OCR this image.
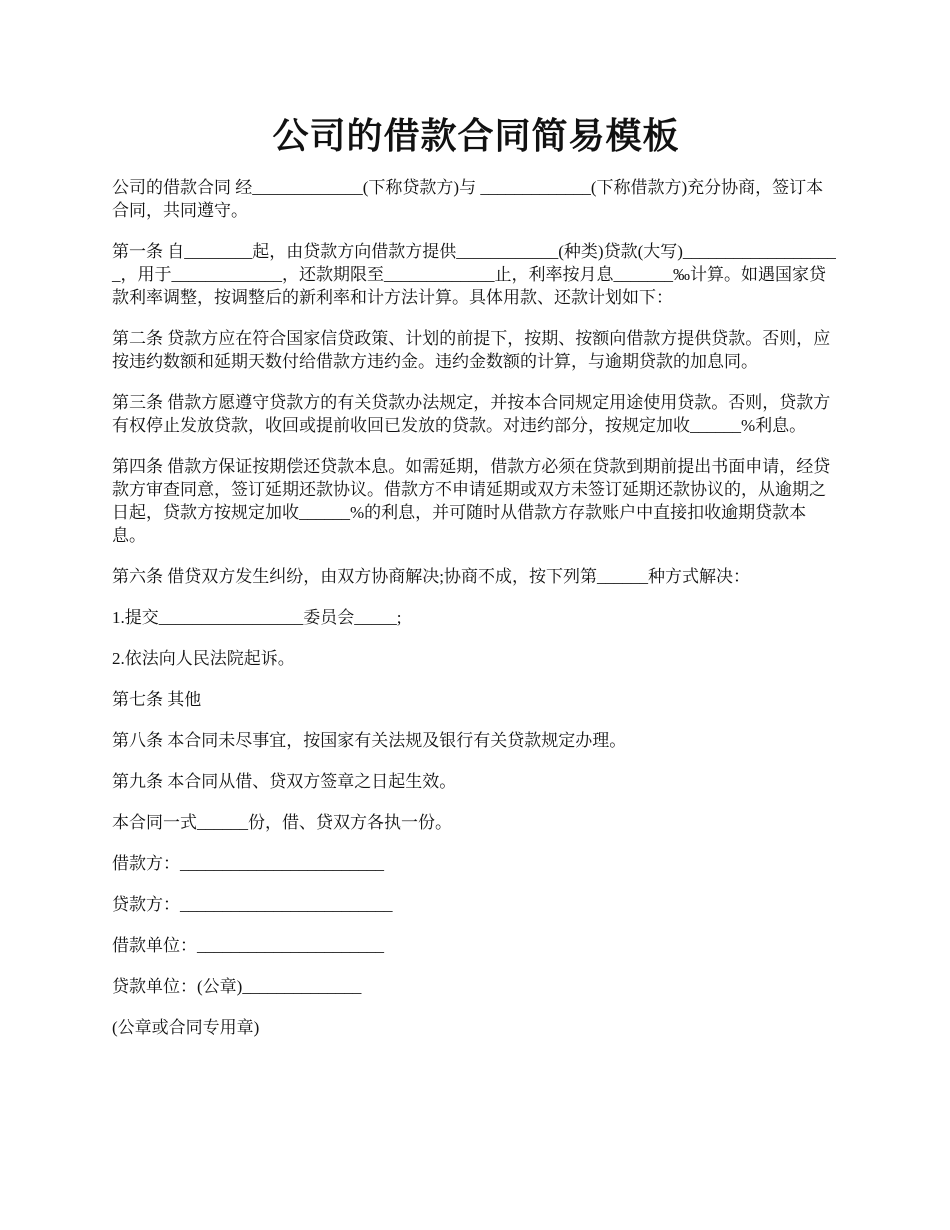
公司的借款合同简易模板

公司的借款合同 经_____________(下称贷款方)与 _____________(下称借款方)充分协商，签订本合同，共同遵守。

第一条 自________起，由贷款方向借款方提供____________(种类)贷款(大写)___________________，用于_____________，还款期限至_____________止，利率按月息_______‰计算。如遇国家贷款利率调整，按调整后的新利率和计方法计算。具体用款、还款计划如下：

第二条 贷款方应在符合国家信贷政策、计划的前提下，按期、按额向借款方提供贷款。否则，应按违约数额和延期天数付给借款方违约金。违约金数额的计算，与逾期贷款的加息同。

第三条 借款方愿遵守贷款方的有关贷款办法规定，并按本合同规定用途使用贷款。否则，贷款方有权停止发放贷款，收回或提前收回已发放的贷款。对违约部分，按规定加收______%利息。

第四条 借款方保证按期偿还贷款本息。如需延期，借款方必须在贷款到期前提出书面申请，经贷款方审查同意，签订延期还款协议。借款方不申请延期或双方未签订延期还款协议的，从逾期之日起，贷款方按规定加收______%的利息，并可随时从借款方存款账户中直接扣收逾期贷款本息。

第六条 借贷双方发生纠纷，由双方协商解决;协商不成，按下列第______种方式解决：

1.提交_________________委员会_____;

2.依法向人民法院起诉。

第七条 其他

第八条 本合同未尽事宜，按国家有关法规及银行有关贷款规定办理。

第九条 本合同从借、贷双方签章之日起生效。

本合同一式______份，借、贷双方各执一份。

借款方：________________________

贷款方：_________________________

借款单位：______________________

贷款单位：(公章)______________

(公章或合同专用章)
